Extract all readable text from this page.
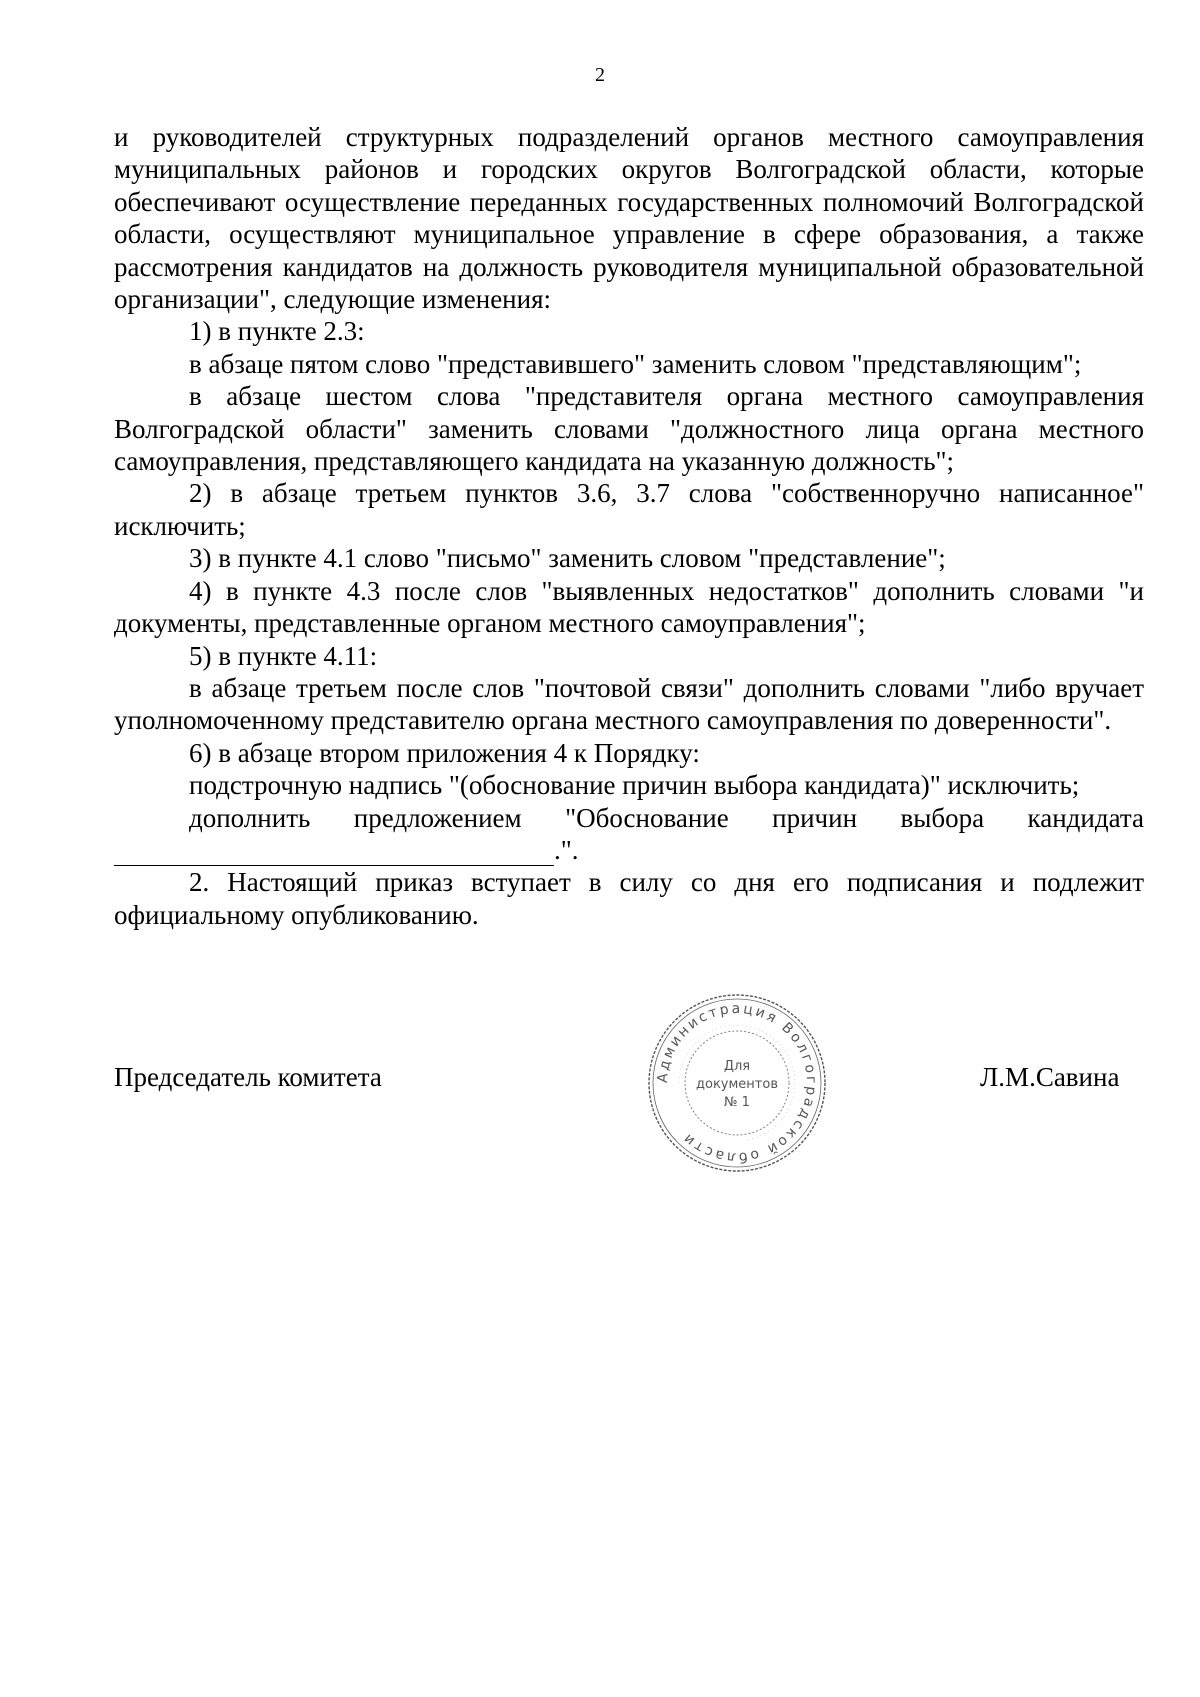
2

и руководителей структурных подразделений органов местного самоуправления муниципальных районов и городских округов Волгоградской области, которые обеспечивают осуществление переданных государственных полномочий Волгоградской области, осуществляют муниципальное управление в сфере образования, а также рассмотрения кандидатов на должность руководителя муниципальной образовательной организации", следующие изменения:

1) в пункте 2.3:

в абзаце пятом слово "представившего" заменить словом "представляющим";

в абзаце шестом слова "представителя органа местного самоуправления Волгоградской области" заменить словами "должностного лица органа местного самоуправления, представляющего кандидата на указанную должность";

2) в абзаце третьем пунктов 3.6, 3.7 слова "собственноручно написанное" исключить;

3) в пункте 4.1 слово "письмо" заменить словом "представление";

4) в пункте 4.3 после слов "выявленных недостатков" дополнить словами "и документы, представленные органом местного самоуправления";

5) в пункте 4.11:

в абзаце третьем после слов "почтовой связи" дополнить словами "либо вручает уполномоченному представителю органа местного самоуправления по доверенности".

6) в абзаце втором приложения 4 к Порядку:

подстрочную надпись "(обоснование причин выбора кандидата)" исключить;

дополнить предложением "Обоснование причин выбора кандидата

.".

2. Настоящий приказ вступает в силу со дня его подписания и подлежит официальному опубликованию.

Председатель комитета	Л.М.Савина
Администрация Волгоградской области
· · · · · · · · · · · · · · · · · · · · · · · · · · · · · · · · · · · · · · · · · · · · · · · · · · · · · · · · · · · · ·
Для
документов
№ 1
